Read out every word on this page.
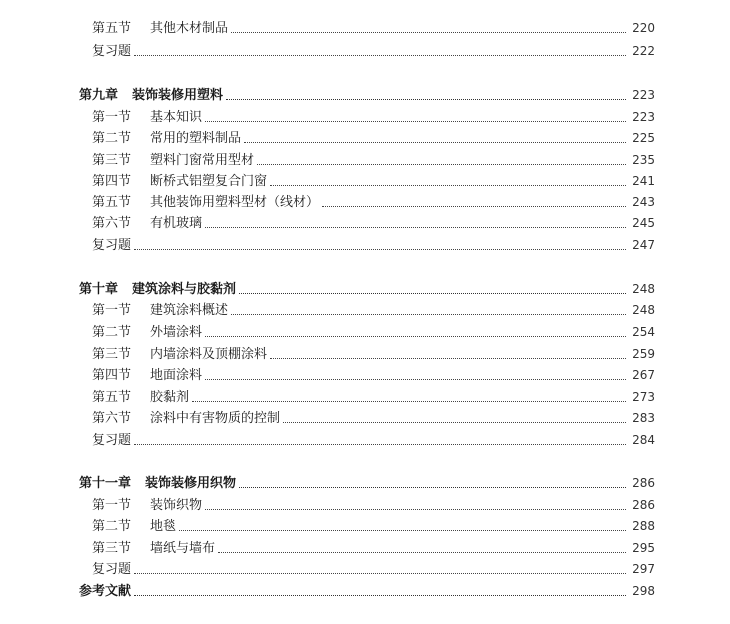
第五节	其他木材制品	220
复习题	222
第九章 装饰装修用塑料	223
第一节	基本知识	223
第二节	常用的塑料制品	225
第三节	塑料门窗常用型材	235
第四节	断桥式铝塑复合门窗	241
第五节	其他装饰用塑料型材（线材）	243
第六节	有机玻璃	245
复习题	247
第十章 建筑涂料与胶黏剂	248
第一节	建筑涂料概述	248
第二节	外墙涂料	254
第三节	内墙涂料及顶棚涂料	259
第四节	地面涂料	267
第五节	胶黏剂	273
第六节	涂料中有害物质的控制	283
复习题	284
第十一章 装饰装修用织物	286
第一节	装饰织物	286
第二节	地毯	288
第三节	墙纸与墙布	295
复习题	297
参考文献	298
